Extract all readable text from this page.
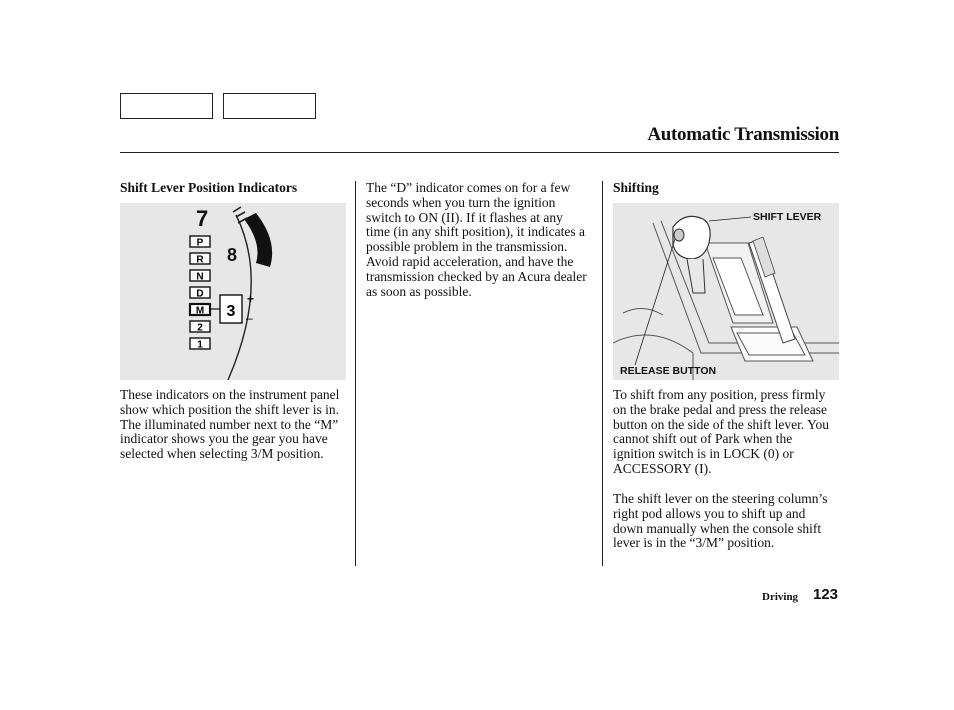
Automatic Transmission
Shift Lever Position Indicators
7
8
P
R
N
D
M
2
1
3
+
–

These indicators on the instrument panel show which position the shift lever is in. The illuminated number next to the “M” indicator shows you the gear you have selected when selecting 3/M position.

The “D” indicator comes on for a few seconds when you turn the ignition switch to ON (II). If it flashes at any time (in any shift position), it indicates a possible problem in the transmission. Avoid rapid acceleration, and have the transmission checked by an Acura dealer as soon as possible.

Shifting
SHIFT LEVER
RELEASE BUTTON

To shift from any position, press firmly on the brake pedal and press the release button on the side of the shift lever. You cannot shift out of Park when the ignition switch is in LOCK (0) or ACCESSORY (I).

The shift lever on the steering column’s right pod allows you to shift up and down manually when the console shift lever is in the “3/M” position.

Driving 123
